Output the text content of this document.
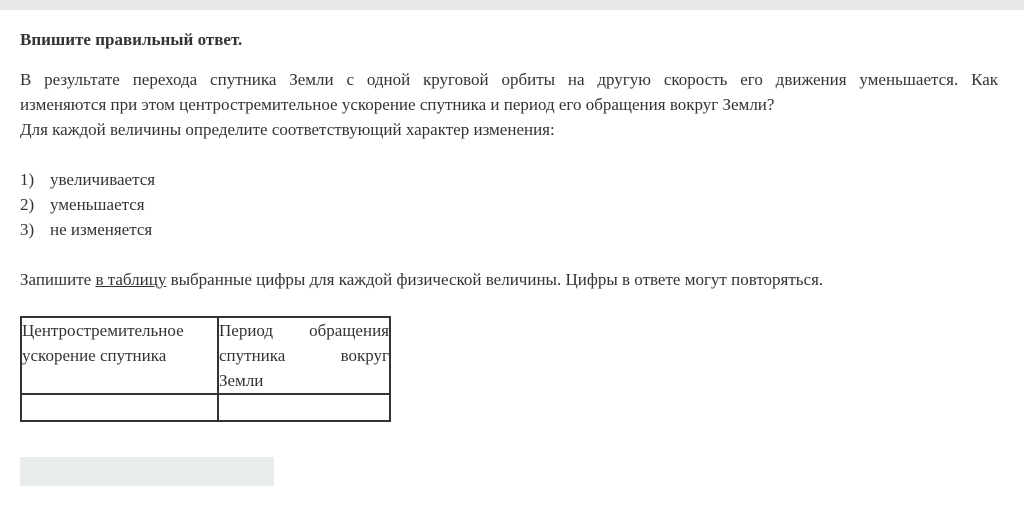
Впишите правильный ответ.

В результате перехода спутника Земли с одной круговой орбиты на другую скорость его движения уменьшается. Как
изменяются при этом центростремительное ускорение спутника и период его обращения вокруг Земли?
Для каждой величины определите соответствующий характер изменения:

1) увеличивается
2) уменьшается
3) не изменяется

Запишите в таблицу выбранные цифры для каждой физической величины. Цифры в ответе могут повторяться.

Центростремительное
ускорение спутника	Период обращения
спутника вокруг
Земли
